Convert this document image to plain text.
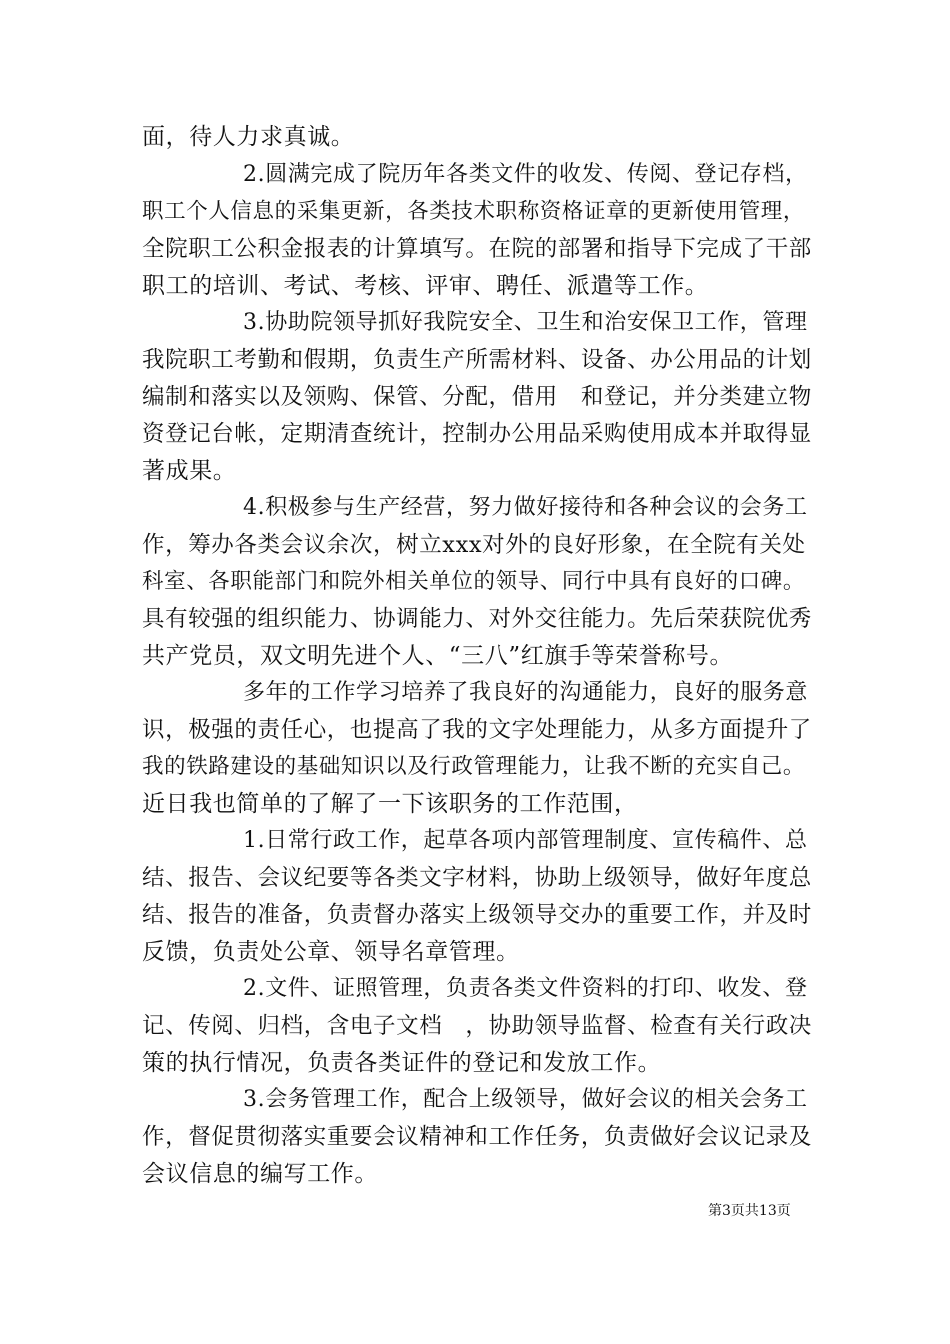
面，待人力求真诚。
2.圆满完成了院历年各类文件的收发、传阅、登记存档，
职工个人信息的采集更新，各类技术职称资格证章的更新使用管理，
全院职工公积金报表的计算填写。在院的部署和指导下完成了干部
职工的培训、考试、考核、评审、聘任、派遣等工作。
3.协助院领导抓好我院安全、卫生和治安保卫工作，管理
我院职工考勤和假期，负责生产所需材料、设备、办公用品的计划
编制和落实以及领购、保管、分配，借用　和登记，并分类建立物
资登记台帐，定期清查统计，控制办公用品采购使用成本并取得显
著成果。
4.积极参与生产经营，努力做好接待和各种会议的会务工
作，筹办各类会议余次，树立xxx对外的良好形象，在全院有关处
科室、各职能部门和院外相关单位的领导、同行中具有良好的口碑。
具有较强的组织能力、协调能力、对外交往能力。先后荣获院优秀
共产党员，双文明先进个人、“三八”红旗手等荣誉称号。
多年的工作学习培养了我良好的沟通能力，良好的服务意
识，极强的责任心，也提高了我的文字处理能力，从多方面提升了
我的铁路建设的基础知识以及行政管理能力，让我不断的充实自己。
近日我也简单的了解了一下该职务的工作范围，
1.日常行政工作，起草各项内部管理制度、宣传稿件、总
结、报告、会议纪要等各类文字材料，协助上级领导，做好年度总
结、报告的准备，负责督办落实上级领导交办的重要工作，并及时
反馈，负责处公章、领导名章管理。
2.文件、证照管理，负责各类文件资料的打印、收发、登
记、传阅、归档，含电子文档　，协助领导监督、检查有关行政决
策的执行情况，负责各类证件的登记和发放工作。
3.会务管理工作，配合上级领导，做好会议的相关会务工
作，督促贯彻落实重要会议精神和工作任务，负责做好会议记录及
会议信息的编写工作。
第3页共13页
